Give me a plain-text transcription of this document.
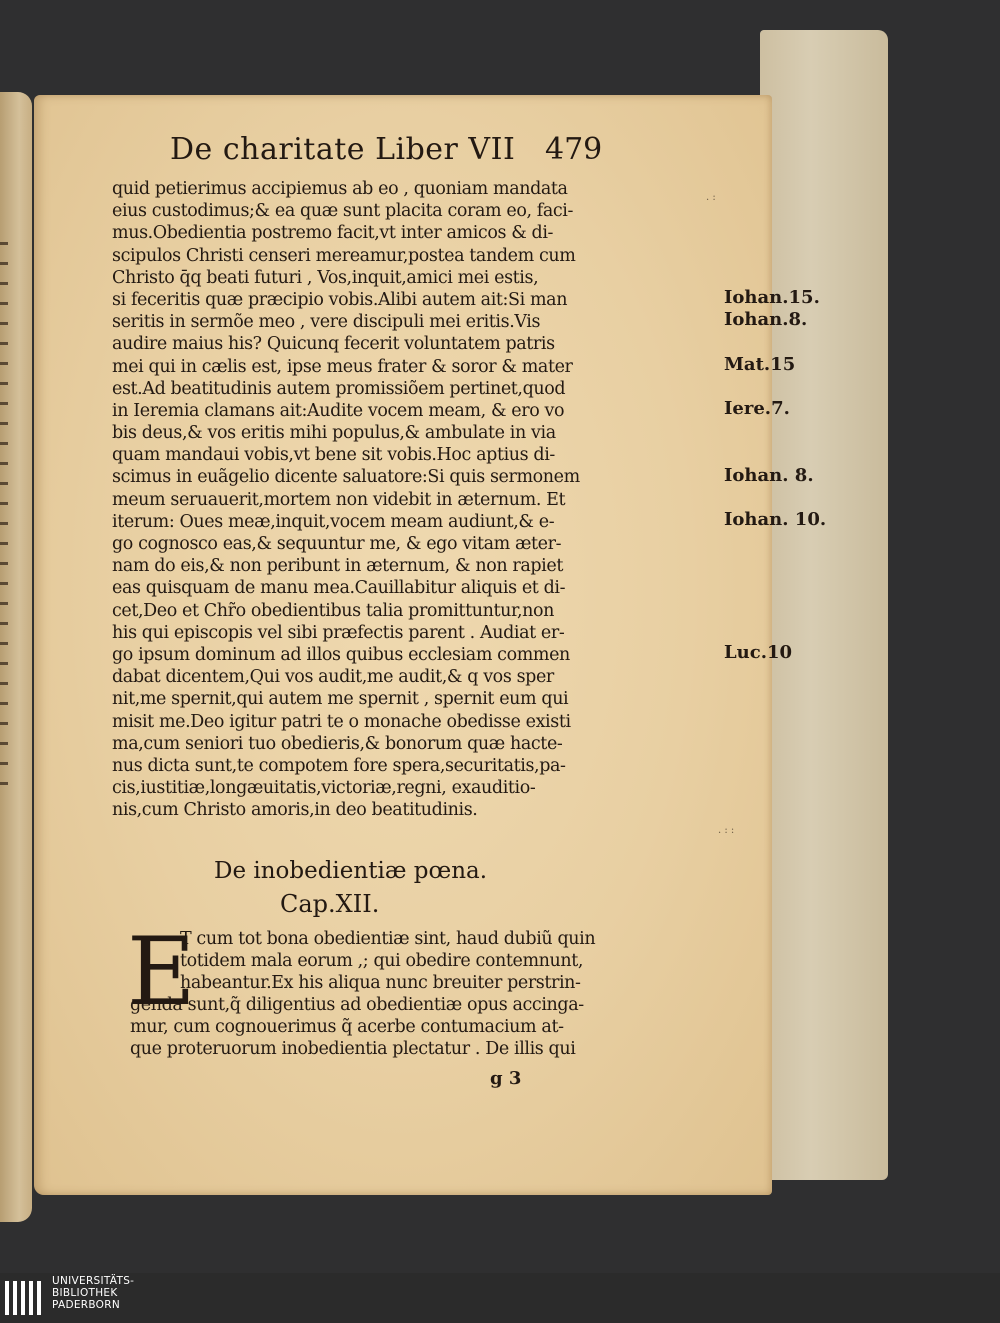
De charitate Liber VII 479
quid petierimus accipiemus ab eo , quoniam mandata
eius custodimus;& ea quæ sunt placita coram eo, faci-
mus.Obedientia postremo facit,vt inter amicos & di-
scipulos Christi censeri mereamur,postea tandem cum
Christo q̄q beati futuri , Vos,inquit,amici mei estis,
si feceritis quæ præcipio vobis.Alibi autem ait:Si man
seritis in sermõe meo , vere discipuli mei eritis.Vis
audire maius his? Quicunq fecerit voluntatem patris
mei qui in cælis est, ipse meus frater & soror & mater
est.Ad beatitudinis autem promissiõem pertinet,quod
in Ieremia clamans ait:Audite vocem meam, & ero vo
bis deus,& vos eritis mihi populus,& ambulate in via
quam mandaui vobis,vt bene sit vobis.Hoc aptius di-
scimus in euãgelio dicente saluatore:Si quis sermonem
meum seruauerit,mortem non videbit in æternum. Et
iterum: Oues meæ,inquit,vocem meam audiunt,& e-
go cognosco eas,& sequuntur me, & ego vitam æter-
nam do eis,& non peribunt in æternum, & non rapiet
eas quisquam de manu mea.Cauillabitur aliquis et di-
cet,Deo et Chr̃o obedientibus talia promittuntur,non
his qui episcopis vel sibi præfectis parent . Audiat er-
go ipsum dominum ad illos quibus ecclesiam commen
dabat dicentem,Qui vos audit,me audit,& q vos sper
nit,me spernit,qui autem me spernit , spernit eum qui
misit me.Deo igitur patri te o monache obedisse existi
ma,cum seniori tuo obedieris,& bonorum quæ hacte-
nus dicta sunt,te compotem fore spera,securitatis,pa-
cis,iustitiæ,longæuitatis,victoriæ,regni, exauditio-
nis,cum Christo amoris,in deo beatitudinis.
Iohan.15.
Iohan.8.
Mat.15
Iere.7.
Iohan. 8.
Iohan. 10.
Luc.10
De inobedientiæ pœna.
Cap.XII.
E
T cum tot bona obedientiæ sint, haud dubiũ quin
totidem mala eorum ,; qui obedire contemnunt,
habeantur.Ex his aliqua nunc breuiter perstrin-
genda sunt,q̃ diligentius ad obedientiæ opus accinga-
mur, cum cognouerimus q̃ acerbe contumacium at-
que proteruorum inobedientia plectatur . De illis qui
g 3
. :
. : :
UNIVERSITÄTS-
BIBLIOTHEK
PADERBORN
